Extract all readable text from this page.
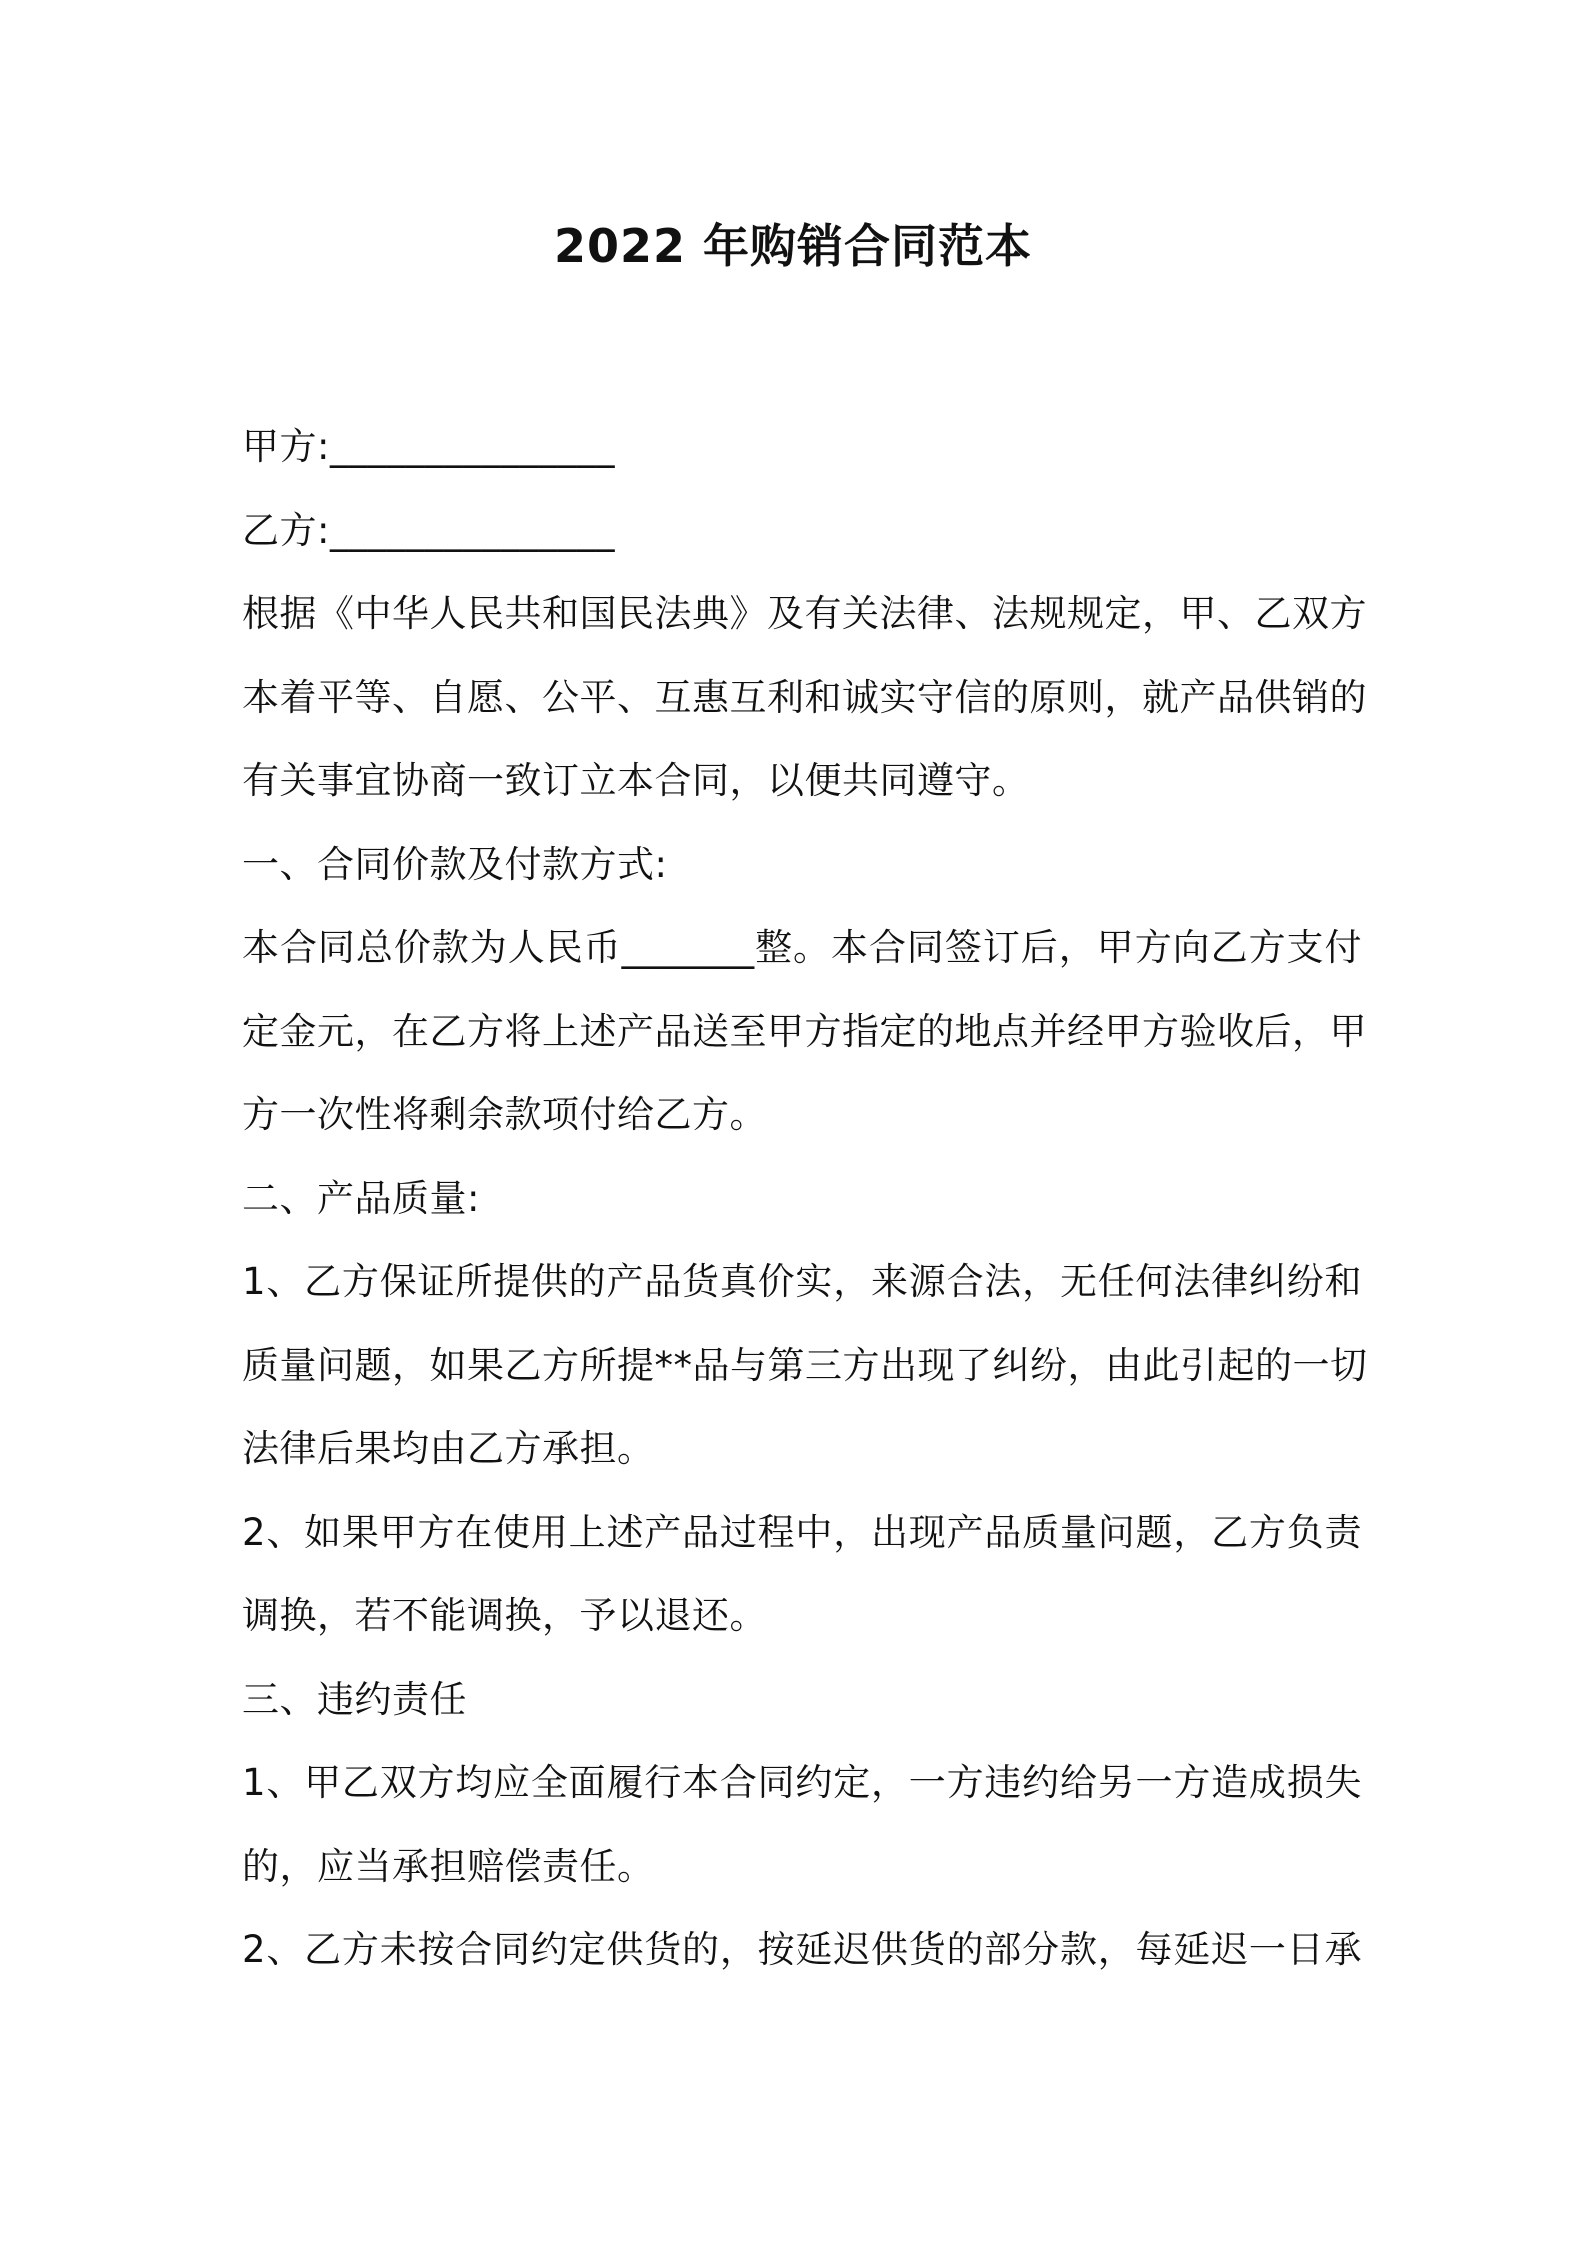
2022 年购销合同范本
甲方:_______________
乙方:_______________
根据《中华人民共和国民法典》及有关法律、法规规定，甲、乙双方
本着平等、自愿、公平、互惠互利和诚实守信的原则，就产品供销的
有关事宜协商一致订立本合同，以便共同遵守。
一、合同价款及付款方式:
本合同总价款为人民币_______整。本合同签订后，甲方向乙方支付
定金元，在乙方将上述产品送至甲方指定的地点并经甲方验收后，甲
方一次性将剩余款项付给乙方。
二、产品质量:
1、乙方保证所提供的产品货真价实，来源合法，无任何法律纠纷和
质量问题，如果乙方所提**品与第三方出现了纠纷，由此引起的一切
法律后果均由乙方承担。
2、如果甲方在使用上述产品过程中，出现产品质量问题，乙方负责
调换，若不能调换，予以退还。
三、违约责任
1、甲乙双方均应全面履行本合同约定，一方违约给另一方造成损失
的，应当承担赔偿责任。
2、乙方未按合同约定供货的，按延迟供货的部分款，每延迟一日承
